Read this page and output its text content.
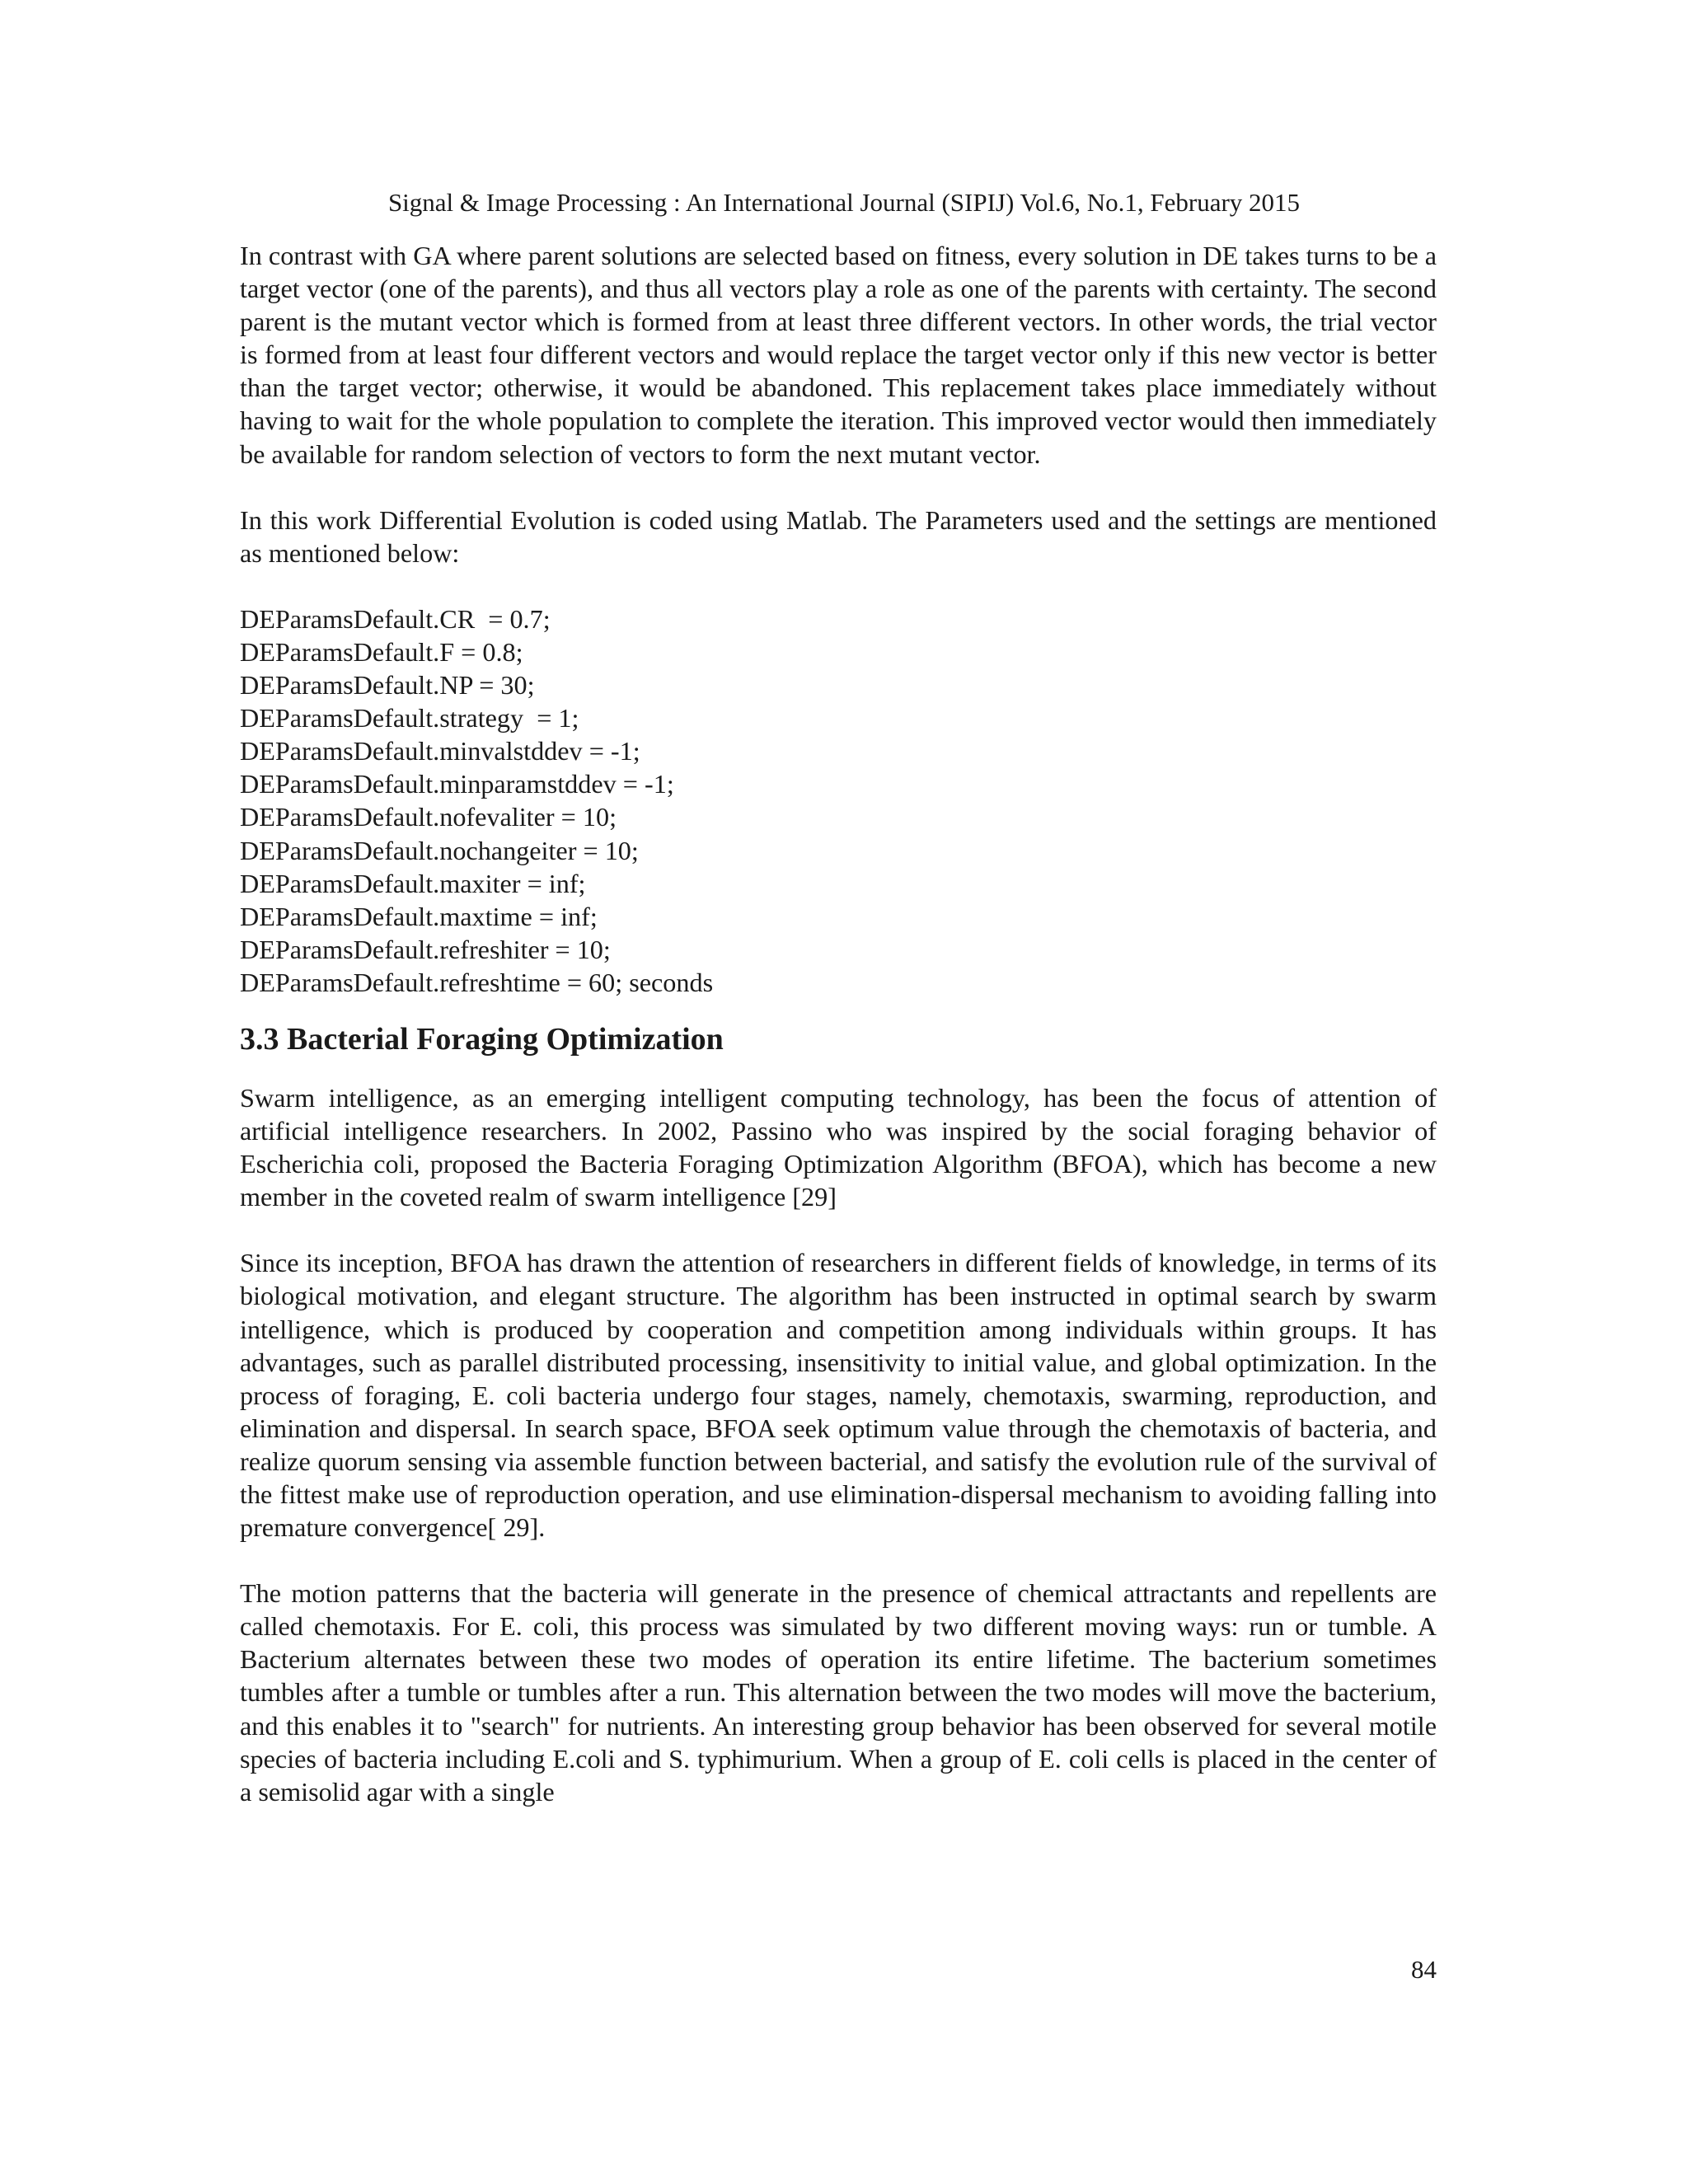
Signal & Image Processing : An International Journal (SIPIJ) Vol.6, No.1, February 2015

In contrast with GA where parent solutions are selected based on fitness, every solution in DE takes turns to be a target vector (one of the parents), and thus all vectors play a role as one of the parents with certainty. The second parent is the mutant vector which is formed from at least three different vectors. In other words, the trial vector is formed from at least four different vectors and would replace the target vector only if this new vector is better than the target vector; otherwise, it would be abandoned. This replacement takes place immediately without having to wait for the whole population to complete the iteration. This improved vector would then immediately be available for random selection of vectors to form the next mutant vector.

In this work Differential Evolution is coded using Matlab. The Parameters used and the settings are mentioned as mentioned below:

DEParamsDefault.CR  = 0.7;
DEParamsDefault.F = 0.8;
DEParamsDefault.NP = 30;
DEParamsDefault.strategy  = 1;
DEParamsDefault.minvalstddev = -1;
DEParamsDefault.minparamstddev = -1;
DEParamsDefault.nofevaliter = 10;
DEParamsDefault.nochangeiter = 10;
DEParamsDefault.maxiter = inf;
DEParamsDefault.maxtime = inf;
DEParamsDefault.refreshiter = 10;
DEParamsDefault.refreshtime = 60; seconds
3.3 Bacterial Foraging Optimization

Swarm intelligence, as an emerging intelligent computing technology, has been the focus of attention of artificial intelligence researchers. In 2002, Passino who was inspired by the social foraging behavior of Escherichia coli, proposed the Bacteria Foraging Optimization Algorithm (BFOA), which has become a new member in the coveted realm of swarm intelligence [29]

Since its inception, BFOA has drawn the attention of researchers in different fields of knowledge, in terms of its biological motivation, and elegant structure. The algorithm has been instructed in optimal search by swarm intelligence, which is produced by cooperation and competition among individuals within groups. It has advantages, such as parallel distributed processing, insensitivity to initial value, and global optimization. In the process of foraging, E. coli bacteria undergo four stages, namely, chemotaxis, swarming, reproduction, and elimination and dispersal. In search space, BFOA seek optimum value through the chemotaxis of bacteria, and realize quorum sensing via assemble function between bacterial, and satisfy the evolution rule of the survival of the fittest make use of reproduction operation, and use elimination-dispersal mechanism to avoiding falling into premature convergence[ 29].

The motion patterns that the bacteria will generate in the presence of chemical attractants and repellents are called chemotaxis. For E. coli, this process was simulated by two different moving ways: run or tumble. A Bacterium alternates between these two modes of operation its entire lifetime. The bacterium sometimes tumbles after a tumble or tumbles after a run. This alternation between the two modes will move the bacterium, and this enables it to "search" for nutrients. An interesting group behavior has been observed for several motile species of bacteria including E.coli and S. typhimurium. When a group of E. coli cells is placed in the center of a semisolid agar with a single

84
